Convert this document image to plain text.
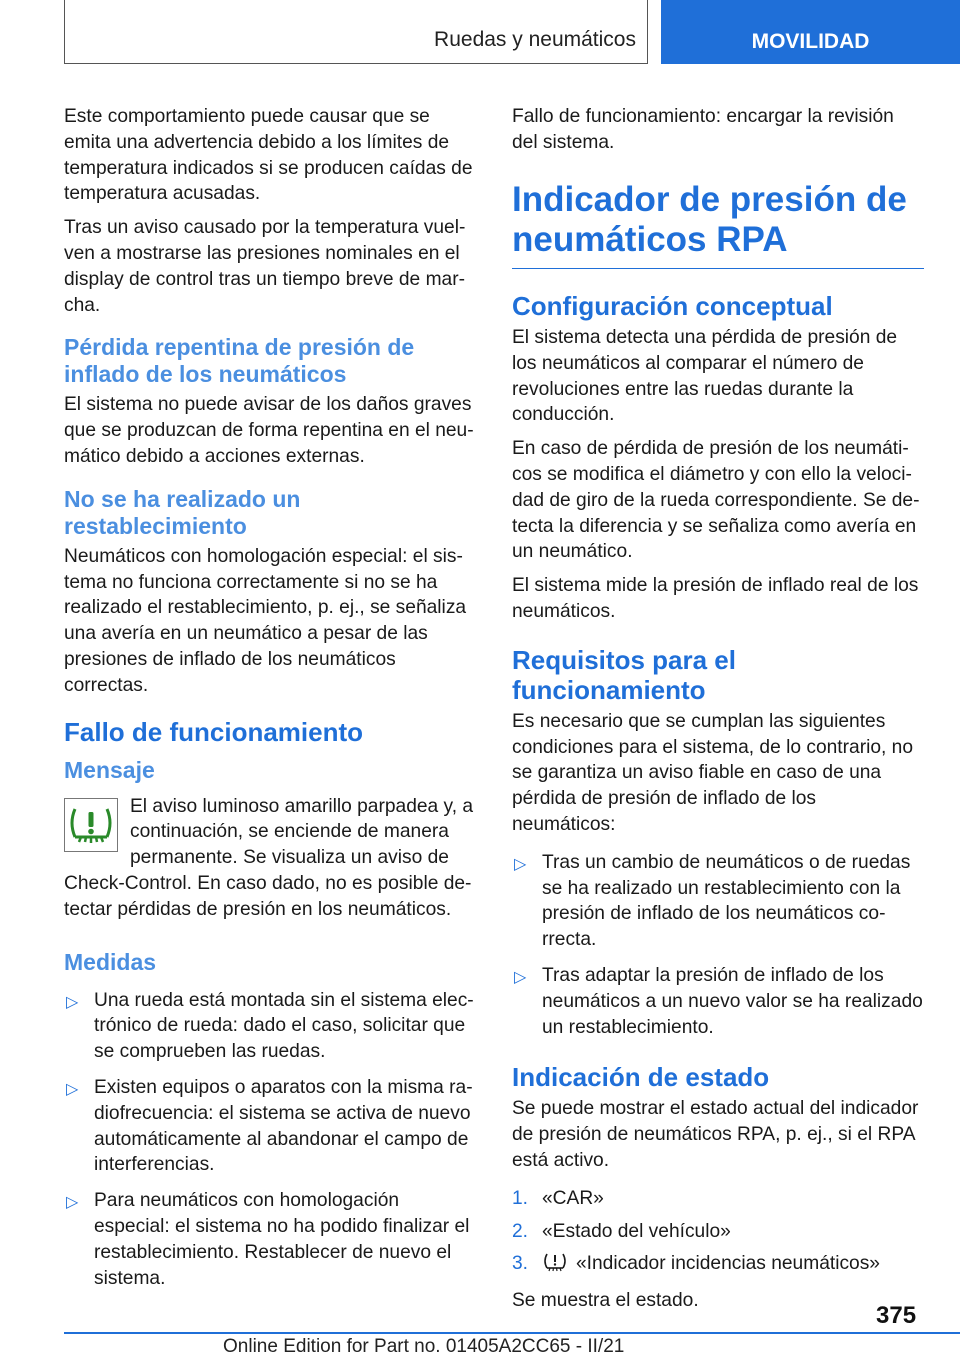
Ruedas y neumáticos	MOVILIDAD

Este comportamiento puede causar que se emita una advertencia debido a los límites de temperatura indicados si se producen caídas de temperatura acusadas.

Tras un aviso causado por la temperatura vuelven a mostrarse las presiones nominales en el display de control tras un tiempo breve de marcha.

Pérdida repentina de presión de inflado de los neumáticos

El sistema no puede avisar de los daños graves que se produzcan de forma repentina en el neumático debido a acciones externas.

No se ha realizado un restablecimiento

Neumáticos con homologación especial: el sistema no funciona correctamente si no se ha realizado el restablecimiento, p. ej., se señaliza una avería en un neumático a pesar de las presiones de inflado de los neumáticos correctas.

Fallo de funcionamiento
Mensaje

El aviso luminoso amarillo parpadea y, a continuación, se enciende de manera permanente. Se visualiza un aviso de

Check-Control. En caso dado, no es posible detectar pérdidas de presión en los neumáticos.

Medidas
▷ Una rueda está montada sin el sistema electrónico de rueda: dado el caso, solicitar que se comprueben las ruedas.
▷ Existen equipos o aparatos con la misma radiofrecuencia: el sistema se activa de nuevo automáticamente al abandonar el campo de interferencias.
▷ Para neumáticos con homologación especial: el sistema no ha podido finalizar el restablecimiento. Restablecer de nuevo el sistema.

Fallo de funcionamiento: encargar la revisión del sistema.

Indicador de presión de neumáticos RPA
Configuración conceptual

El sistema detecta una pérdida de presión de los neumáticos al comparar el número de revoluciones entre las ruedas durante la conducción.

En caso de pérdida de presión de los neumáticos se modifica el diámetro y con ello la velocidad de giro de la rueda correspondiente. Se detecta la diferencia y se señaliza como avería en un neumático.

El sistema mide la presión de inflado real de los neumáticos.

Requisitos para el funcionamiento

Es necesario que se cumplan las siguientes condiciones para el sistema, de lo contrario, no se garantiza un aviso fiable en caso de una pérdida de presión de inflado de los neumáticos:

▷ Tras un cambio de neumáticos o de ruedas se ha realizado un restablecimiento con la presión de inflado de los neumáticos correcta.
▷ Tras adaptar la presión de inflado de los neumáticos a un nuevo valor se ha realizado un restablecimiento.
Indicación de estado

Se puede mostrar el estado actual del indicador de presión de neumáticos RPA, p. ej., si el RPA está activo.

1. «CAR»
2. «Estado del vehículo»
3. «Indicador incidencias neumáticos»

Se muestra el estado.

375
Online Edition for Part no. 01405A2CC65 - II/21
